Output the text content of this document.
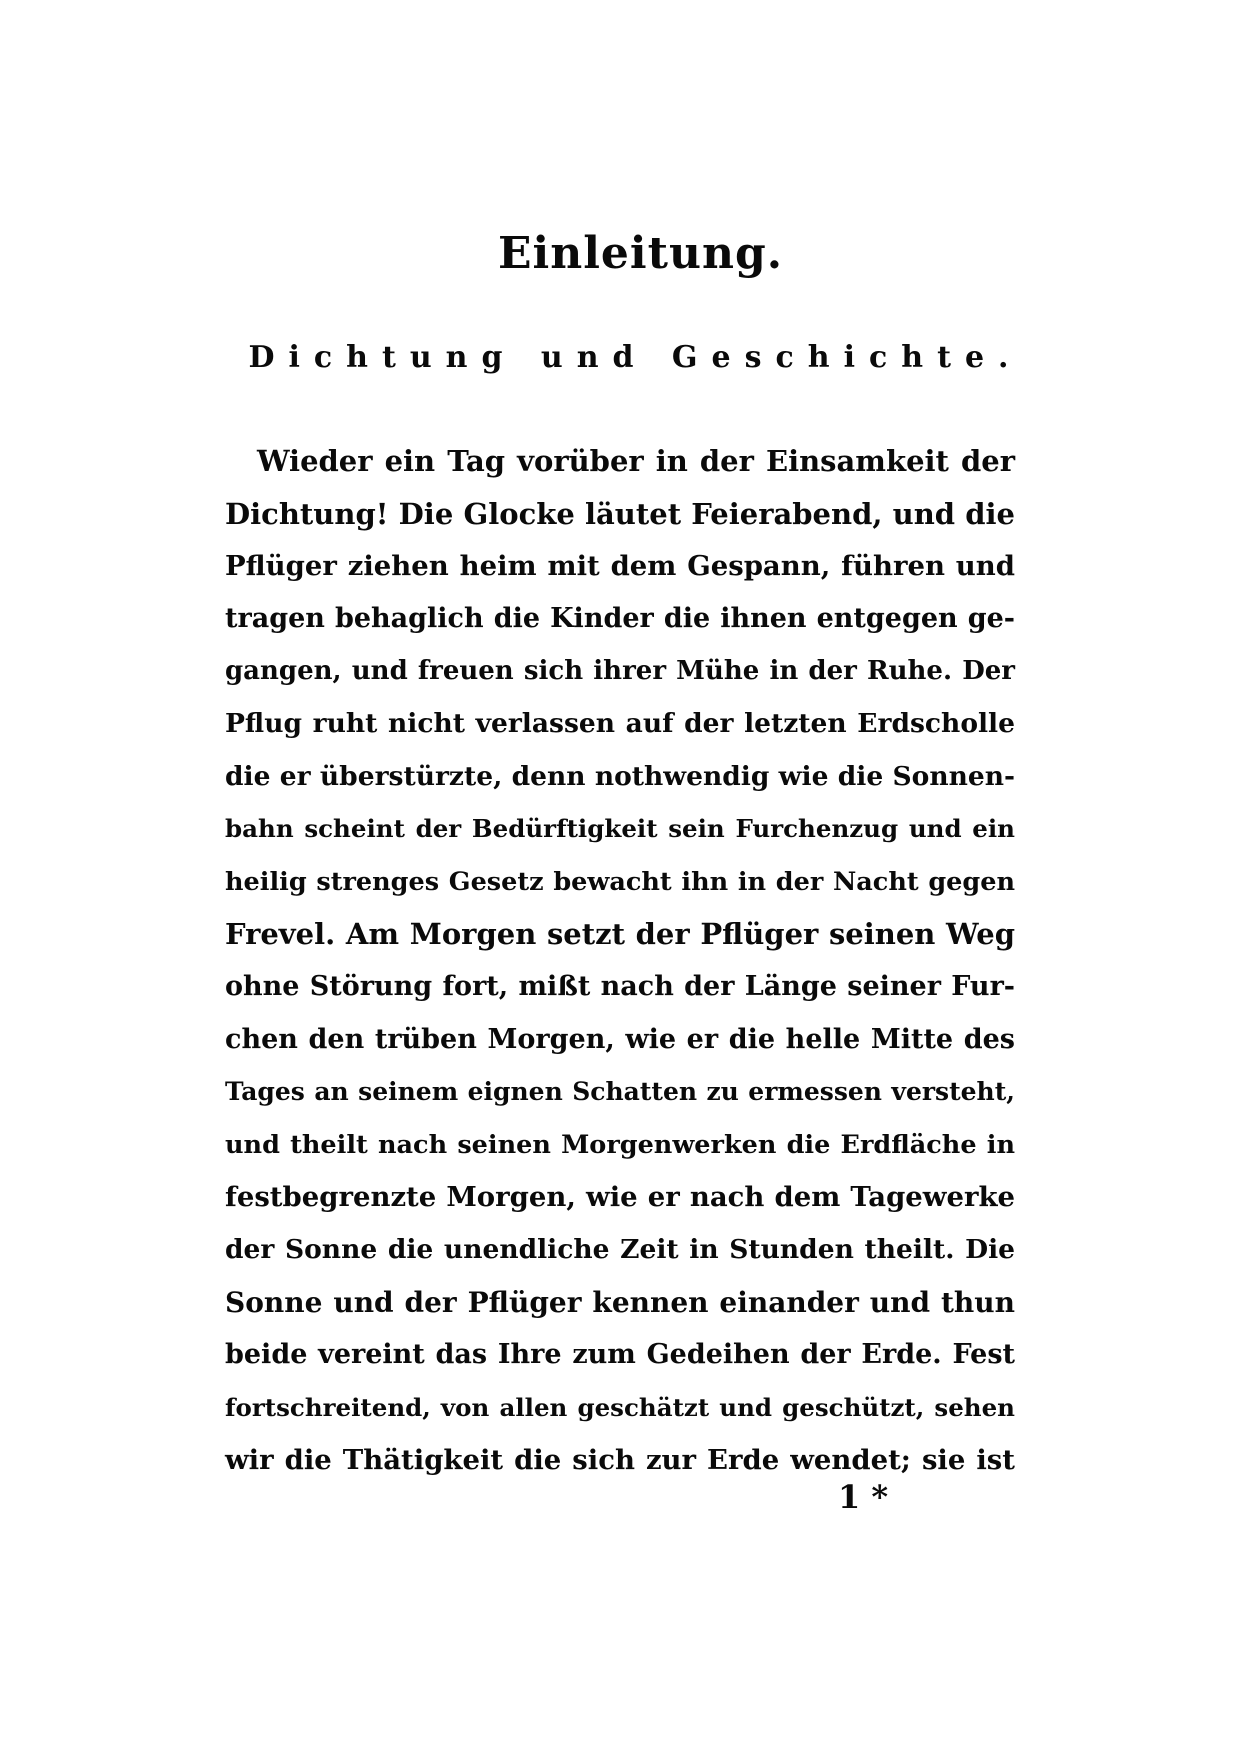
Einleitung.
Dichtung und Geschichte.
Wieder ein Tag vorüber in der Einsamkeit der
Dichtung! Die Glocke läutet Feierabend, und die
Pflüger ziehen heim mit dem Gespann, führen und
tragen behaglich die Kinder die ihnen entgegen ge-
gangen, und freuen sich ihrer Mühe in der Ruhe. Der
Pflug ruht nicht verlassen auf der letzten Erdscholle
die er überstürzte, denn nothwendig wie die Sonnen-
bahn scheint der Bedürftigkeit sein Furchenzug und ein
heilig strenges Gesetz bewacht ihn in der Nacht gegen
Frevel. Am Morgen setzt der Pflüger seinen Weg
ohne Störung fort, mißt nach der Länge seiner Fur-
chen den trüben Morgen, wie er die helle Mitte des
Tages an seinem eignen Schatten zu ermessen versteht,
und theilt nach seinen Morgenwerken die Erdfläche in
festbegrenzte Morgen, wie er nach dem Tagewerke
der Sonne die unendliche Zeit in Stunden theilt. Die
Sonne und der Pflüger kennen einander und thun
beide vereint das Ihre zum Gedeihen der Erde. Fest
fortschreitend, von allen geschätzt und geschützt, sehen
wir die Thätigkeit die sich zur Erde wendet; sie ist
1 *
